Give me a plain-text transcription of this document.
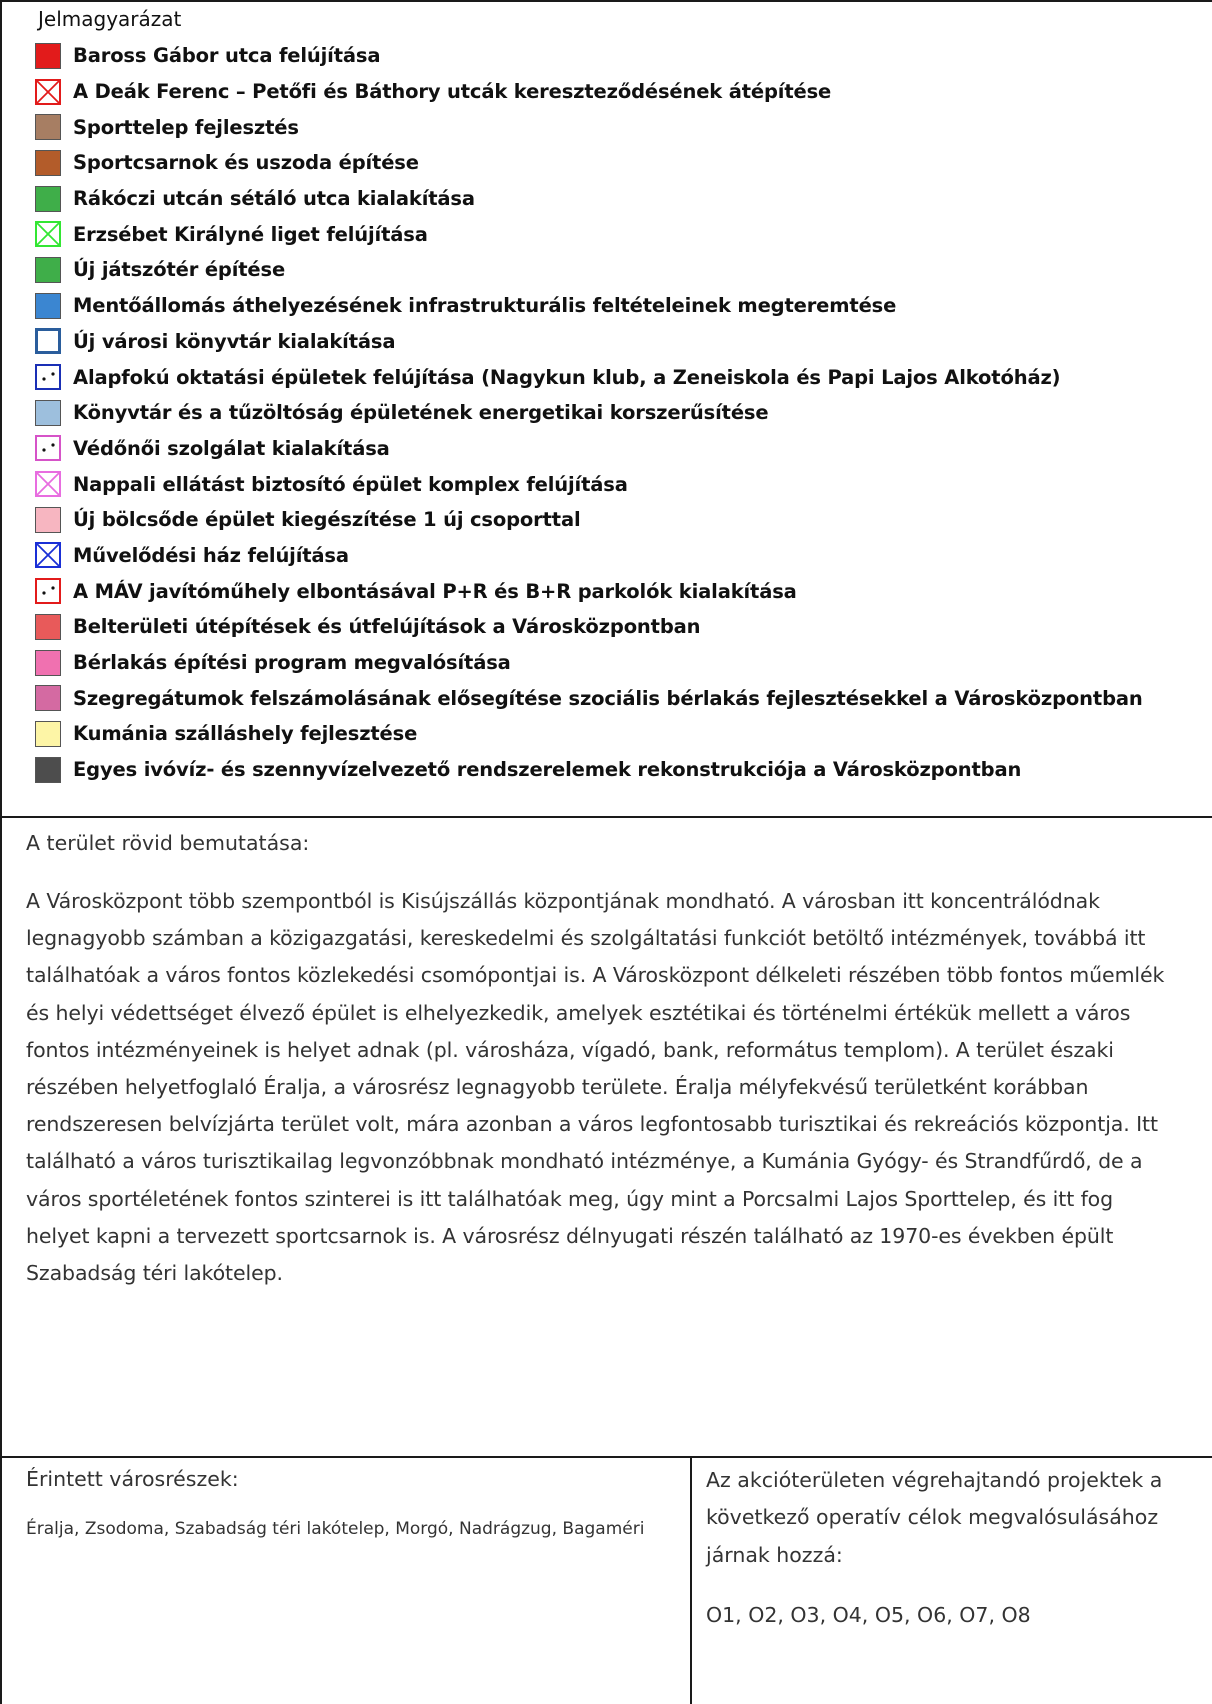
Jelmagyarázat
Baross Gábor utca felújítása
A Deák Ferenc – Petőfi és Báthory utcák kereszteződésének átépítése
Sporttelep fejlesztés
Sportcsarnok és uszoda építése
Rákóczi utcán sétáló utca kialakítása
Erzsébet Királyné liget felújítása
Új játszótér építése
Mentőállomás áthelyezésének infrastrukturális feltételeinek megteremtése
Új városi könyvtár kialakítása
Alapfokú oktatási épületek felújítása (Nagykun klub, a Zeneiskola és Papi Lajos Alkotóház)
Könyvtár és a tűzöltóság épületének energetikai korszerűsítése
Védőnői szolgálat kialakítása
Nappali ellátást biztosító épület komplex felújítása
Új bölcsőde épület kiegészítése 1 új csoporttal
Művelődési ház felújítása
A MÁV javítóműhely elbontásával P+R és B+R parkolók kialakítása
Belterületi útépítések és útfelújítások a Városközpontban
Bérlakás építési program megvalósítása
Szegregátumok felszámolásának elősegítése szociális bérlakás fejlesztésekkel a Városközpontban
Kumánia szálláshely fejlesztése
Egyes ivóvíz- és szennyvízelvezető rendszerelemek rekonstrukciója a Városközpontban
A terület rövid bemutatása:
A Városközpont több szempontból is Kisújszállás központjának mondható. A városban itt koncentrálódnak legnagyobb számban a közigazgatási, kereskedelmi és szolgáltatási funkciót betöltő intézmények, továbbá itt találhatóak a város fontos közlekedési csomópontjai is. A Városközpont délkeleti részében több fontos műemlék és helyi védettséget élvező épület is elhelyezkedik, amelyek esztétikai és történelmi értékük mellett a város fontos intézményeinek is helyet adnak (pl. városháza, vígadó, bank, református templom). A terület északi részében helyetfoglaló Éralja, a városrész legnagyobb területe. Éralja mélyfekvésű területként korábban rendszeresen belvízjárta terület volt, mára azonban a város legfontosabb turisztikai és rekreációs központja. Itt található a város turisztikailag legvonzóbbnak mondható intézménye, a Kumánia Gyógy- és Strandfűrdő, de a város sportéletének fontos szinterei is itt találhatóak meg, úgy mint a Porcsalmi Lajos Sporttelep, és itt fog helyet kapni a tervezett sportcsarnok is. A városrész délnyugati részén található az 1970-es években épült Szabadság téri lakótelep.
Érintett városrészek:
Éralja, Zsodoma, Szabadság téri lakótelep, Morgó, Nadrágzug, Bagaméri
Az akcióterületen végrehajtandó projektek a következő operatív célok megvalósulásához járnak hozzá:
O1, O2, O3, O4, O5, O6, O7, O8
